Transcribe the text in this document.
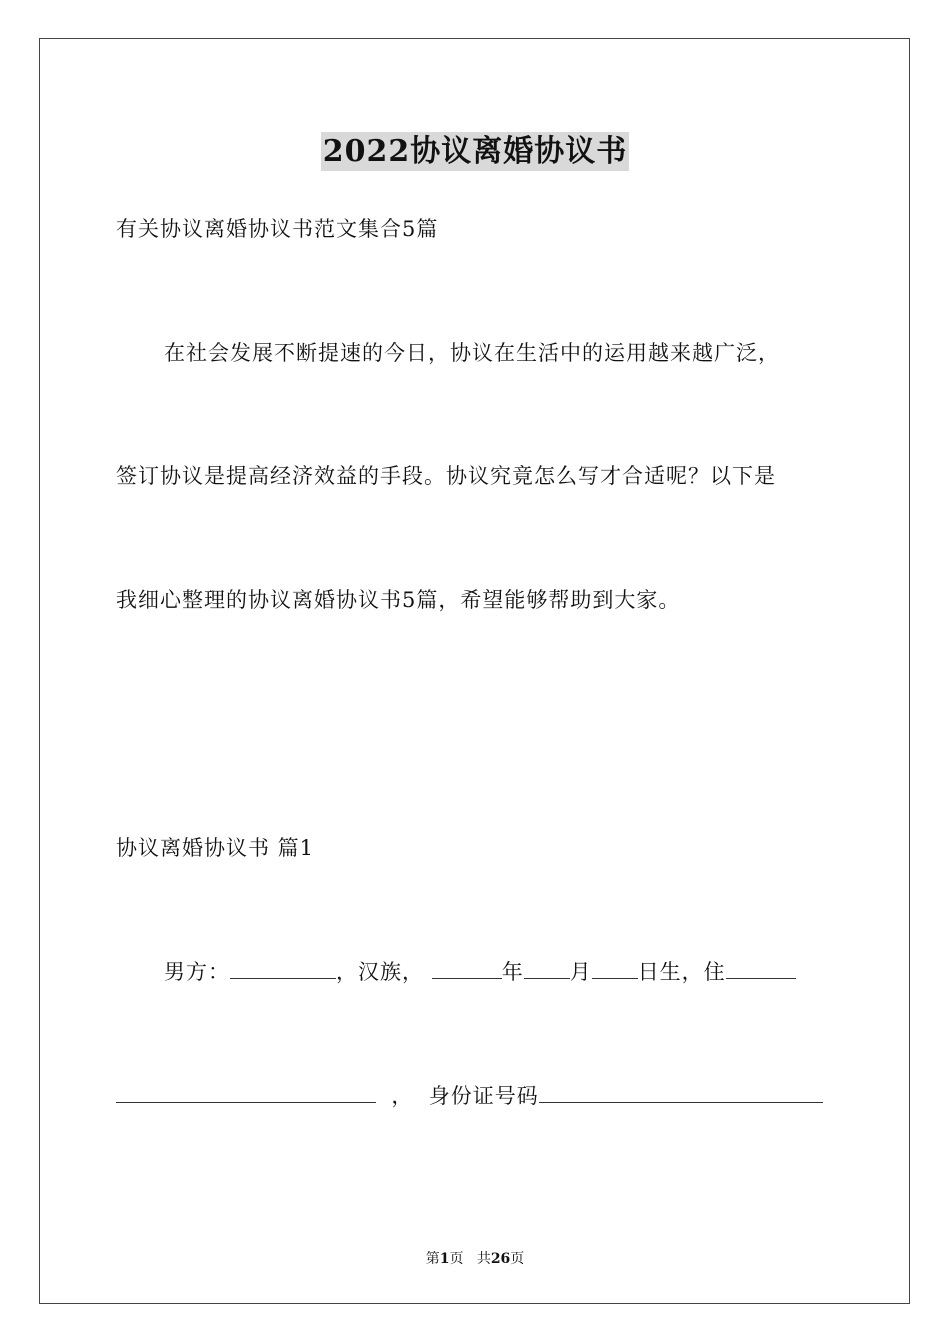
2022协议离婚协议书
有关协议离婚协议书范文集合5篇
在社会发展不断提速的今日，协议在生活中的运用越来越广泛，
签订协议是提高经济效益的手段。协议究竟怎么写才合适呢？以下是
我细心整理的协议离婚协议书5篇，希望能够帮助到大家。
协议离婚协议书 篇1
男方：	，汉族，	年 月 日生，住
， 身份证号码
第1页 共26页
